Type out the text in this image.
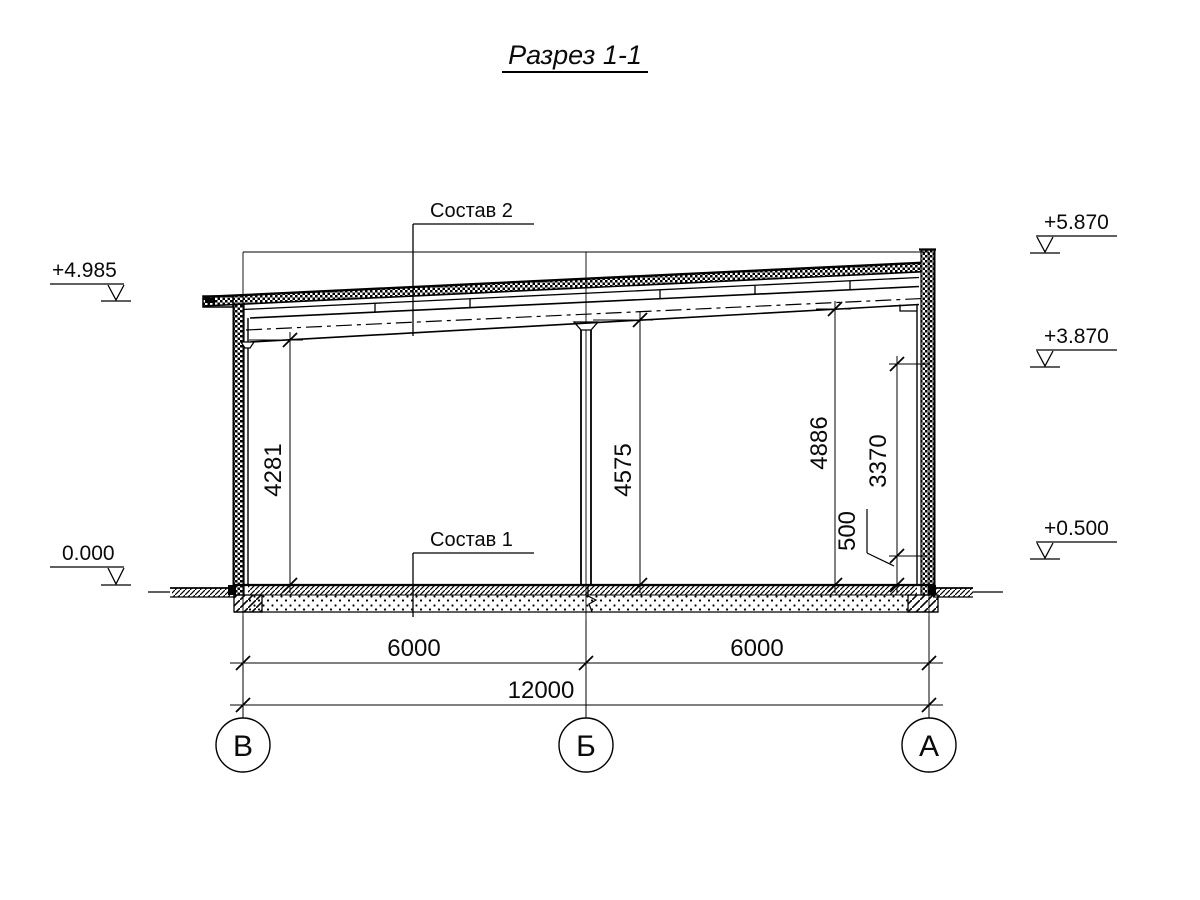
4281	4575
4886 3370
500
+4.985
0.000
+5.870
+3.870
+0.500
Состав 2
Состав 1
6000	6000
12000
В	Б	А
Разрез 1-1
